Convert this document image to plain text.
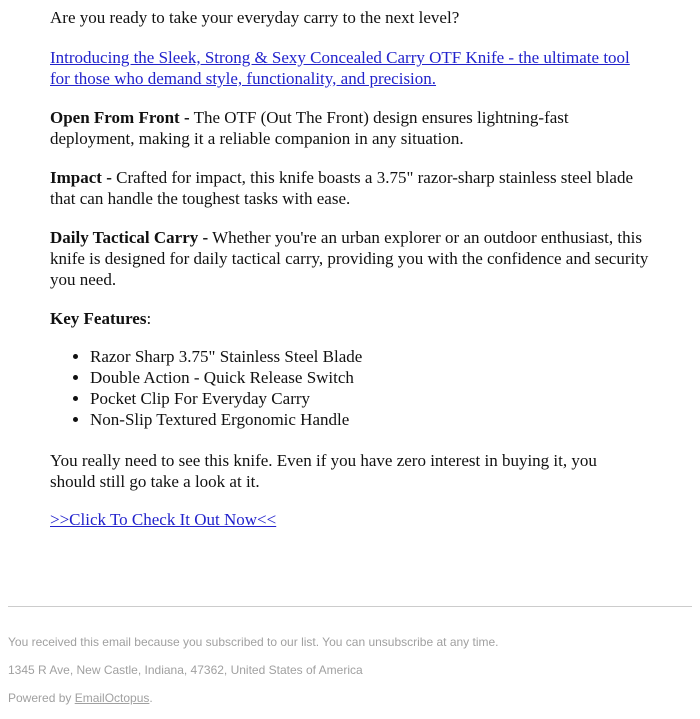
Are you ready to take your everyday carry to the next level?

Introducing the Sleek, Strong & Sexy Concealed Carry OTF Knife - the ultimate tool for those who demand style, functionality, and precision.

Open From Front - The OTF (Out The Front) design ensures lightning-fast deployment, making it a reliable companion in any situation.

Impact - Crafted for impact, this knife boasts a 3.75" razor-sharp stainless steel blade that can handle the toughest tasks with ease.

Daily Tactical Carry - Whether you're an urban explorer or an outdoor enthusiast, this knife is designed for daily tactical carry, providing you with the confidence and security you need.

Key Features:

• Razor Sharp 3.75" Stainless Steel Blade
• Double Action - Quick Release Switch
• Pocket Clip For Everyday Carry
• Non-Slip Textured Ergonomic Handle

You really need to see this knife. Even if you have zero interest in buying it, you should still go take a look at it.

>>Click To Check It Out Now<<

You received this email because you subscribed to our list. You can unsubscribe at any time.

1345 R Ave, New Castle, Indiana, 47362, United States of America

Powered by EmailOctopus.
